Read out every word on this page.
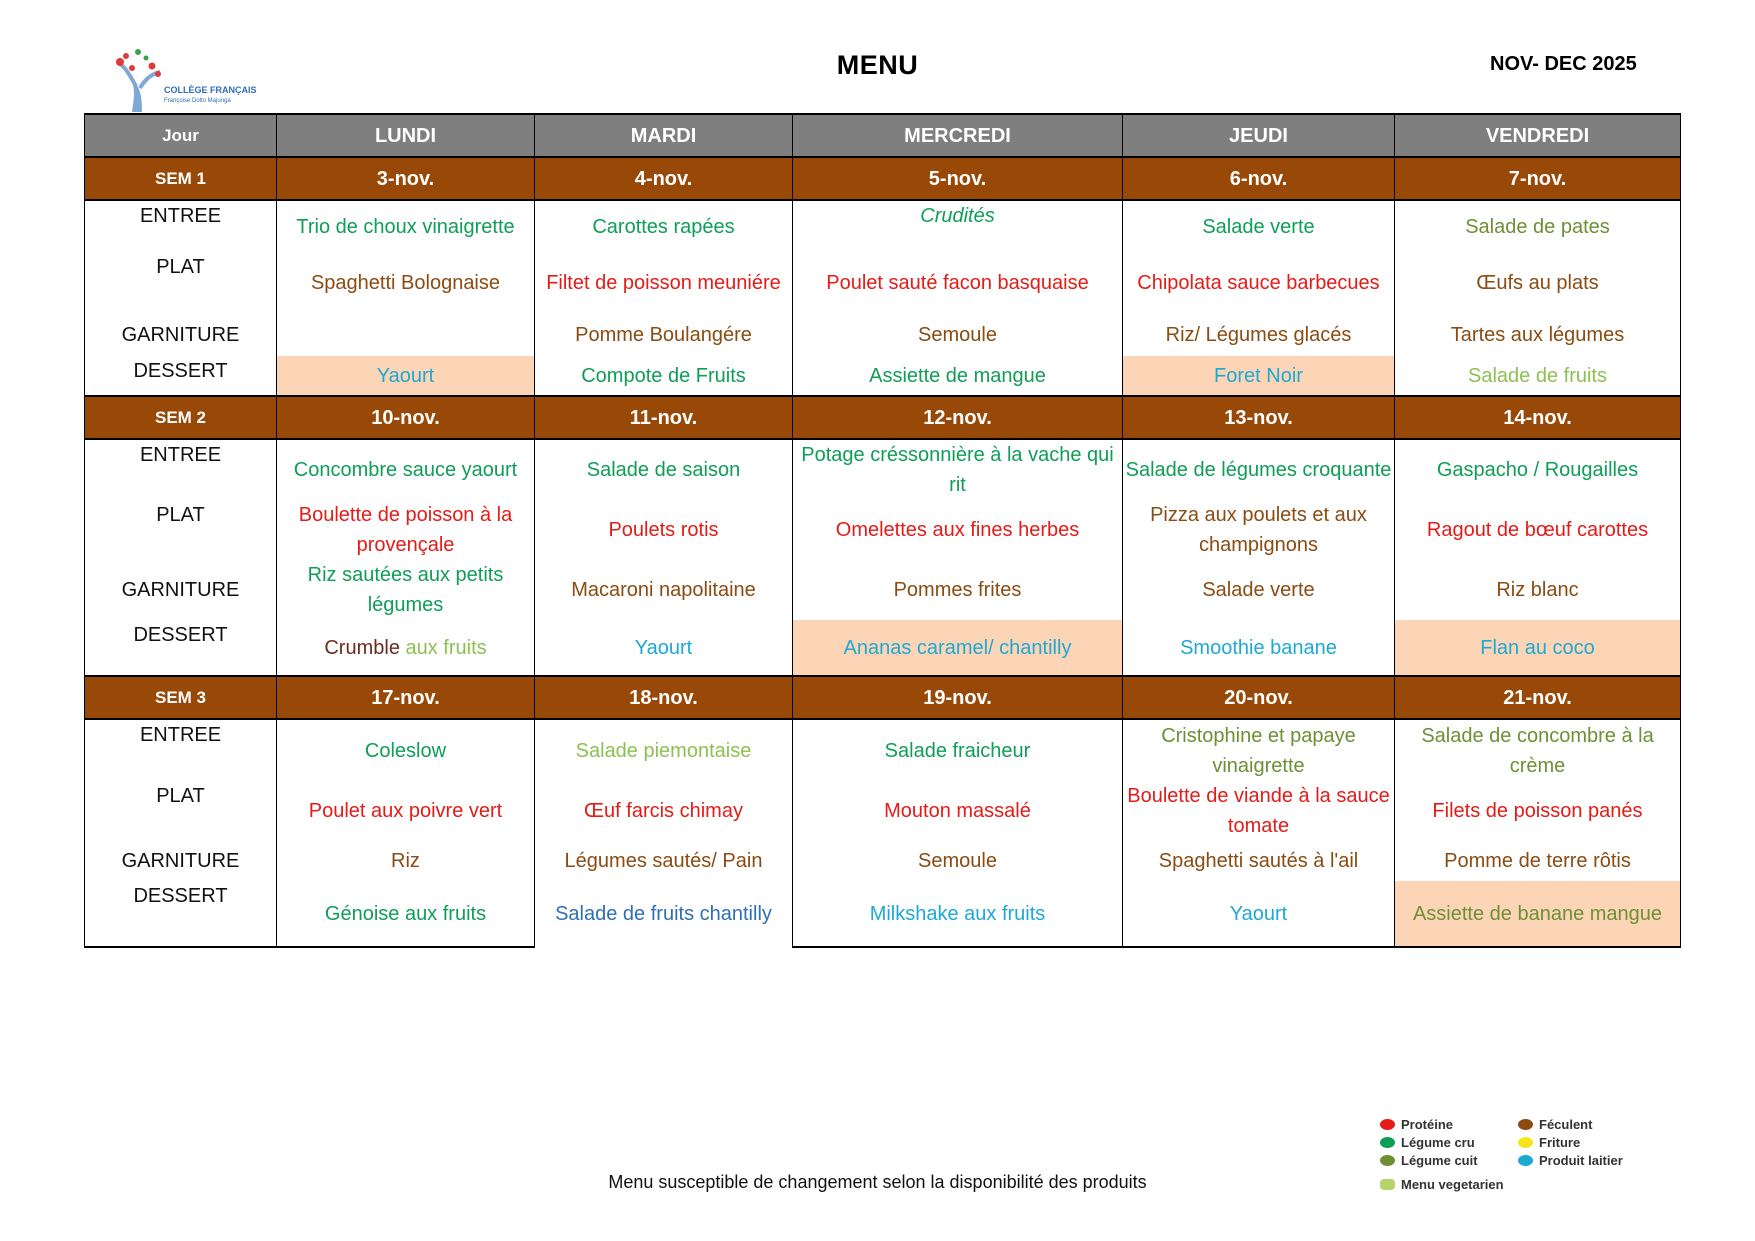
COLLÈGE FRANÇAIS
Françoise Dolto Majunga
MENU	NOV- DEC 2025
Jour	LUNDI	MARDI	MERCREDI	JEUDI	VENDREDI
SEM 1	3-nov.	4-nov.	5-nov.	6-nov.	7-nov.
ENTREE	Trio de choux vinaigrette	Carottes rapées	Crudités	Salade verte	Salade de pates
PLAT	Spaghetti Bolognaise	Filtet de poisson meuniére	Poulet sauté facon basquaise	Chipolata sauce barbecues	Œufs au plats
GARNITURE		Pomme Boulangére	Semoule	Riz/ Légumes glacés	Tartes aux légumes
DESSERT	Yaourt	Compote de Fruits	Assiette de mangue	Foret Noir	Salade de fruits
SEM 2	10-nov.	11-nov.	12-nov.	13-nov.	14-nov.
ENTREE	Concombre sauce yaourt	Salade de saison	Potage créssonnière à la vache qui rit	Salade de légumes croquante	Gaspacho / Rougailles
PLAT	Boulette de poisson à la provençale	Poulets rotis	Omelettes aux fines herbes	Pizza aux poulets et aux champignons	Ragout de bœuf carottes
GARNITURE	Riz sautées aux petits légumes	Macaroni napolitaine	Pommes frites	Salade verte	Riz blanc
DESSERT	Crumble aux fruits	Yaourt	Ananas caramel/ chantilly	Smoothie banane	Flan au coco
SEM 3	17-nov.	18-nov.	19-nov.	20-nov.	21-nov.
ENTREE	Coleslow	Salade piemontaise	Salade fraicheur	Cristophine et papaye vinaigrette	Salade de concombre à la crème
PLAT	Poulet aux poivre vert	Œuf farcis chimay	Mouton massalé	Boulette de viande à la sauce tomate	Filets de poisson panés
GARNITURE	Riz	Légumes sautés/ Pain	Semoule	Spaghetti sautés à l'ail	Pomme de terre rôtis
DESSERT	Génoise aux fruits	Salade de fruits chantilly	Milkshake aux fruits	Yaourt	Assiette de banane mangue
Menu susceptible de changement selon la disponibilité des produits
Protéine
Légume cru
Légume cuit
Féculent
Friture
Produit laitier
Menu vegetarien
